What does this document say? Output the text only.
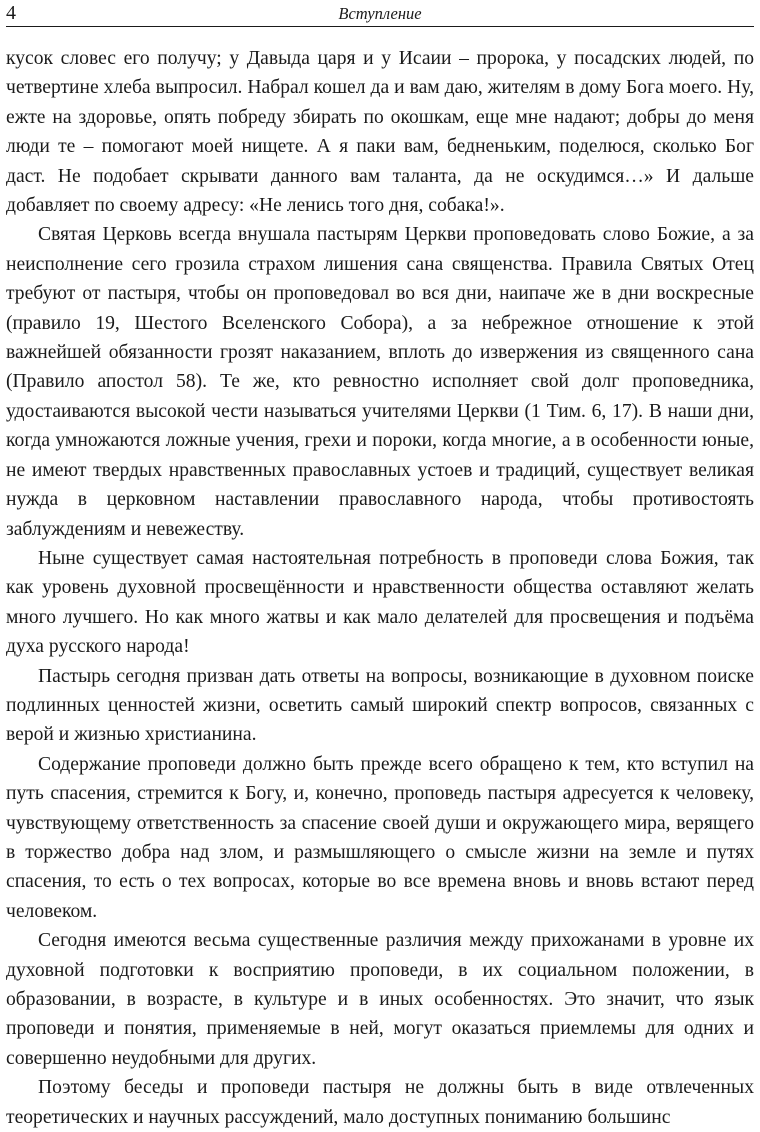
4	Вступление

кусок словес его получу; у Давыда царя и у Исаии – пророка, у посадских людей, по четвертине хлеба выпросил. Набрал кошел да и вам даю, жителям в дому Бога моего. Ну, ежте на здоровье, опять побреду збирать по окошкам, еще мне надают; добры до меня люди те – помогают моей нищете. А я паки вам, бедненьким, поделюся, сколько Бог даст. Не подобает скрывати данного вам таланта, да не оскудимся…» И дальше добавляет по своему адресу: «Не ленись того дня, собака!».

Святая Церковь всегда внушала пастырям Церкви проповедовать слово Божие, а за неисполнение сего грозила страхом лишения сана священства. Правила Святых Отец требуют от пастыря, чтобы он проповедовал во вся дни, наипаче же в дни воскресные (правило 19, Шестого Вселенского Собора), а за небрежное отношение к этой важнейшей обязанности грозят наказанием, вплоть до извержения из священного сана (Правило апостол 58). Те же, кто ревностно исполняет свой долг проповедника, удостаиваются высокой чести называться учителями Церкви (1 Тим. 6, 17). В наши дни, когда умножаются ложные учения, грехи и пороки, когда многие, а в особенности юные, не имеют твердых нравственных православных устоев и традиций, существует великая нужда в церковном наставлении православного народа, чтобы противостоять заблуждениям и невежеству.

Ныне существует самая настоятельная потребность в проповеди слова Божия, так как уровень духовной просвещённости и нравственности общества оставляют желать много лучшего. Но как много жатвы и как мало делателей для просвещения и подъёма духа русского народа!

Пастырь сегодня призван дать ответы на вопросы, возникающие в духовном поиске подлинных ценностей жизни, осветить самый широкий спектр вопросов, связанных с верой и жизнью христианина.

Содержание проповеди должно быть прежде всего обращено к тем, кто вступил на путь спасения, стремится к Богу, и, конечно, проповедь пастыря адресуется к человеку, чувствующему ответственность за спасение своей души и окружающего мира, верящего в торжество добра над злом, и размышляющего о смысле жизни на земле и путях спасения, то есть о тех вопросах, которые во все времена вновь и вновь встают перед человеком.

Сегодня имеются весьма существенные различия между прихожанами в уровне их духовной подготовки к восприятию проповеди, в их социальном положении, в образовании, в возрасте, в культуре и в иных особенностях. Это значит, что язык проповеди и понятия, применяемые в ней, могут оказаться приемлемы для одних и совершенно неудобными для других.

Поэтому беседы и проповеди пастыря не должны быть в виде отвлеченных теоретических и научных рассуждений, мало доступных пониманию большинс
